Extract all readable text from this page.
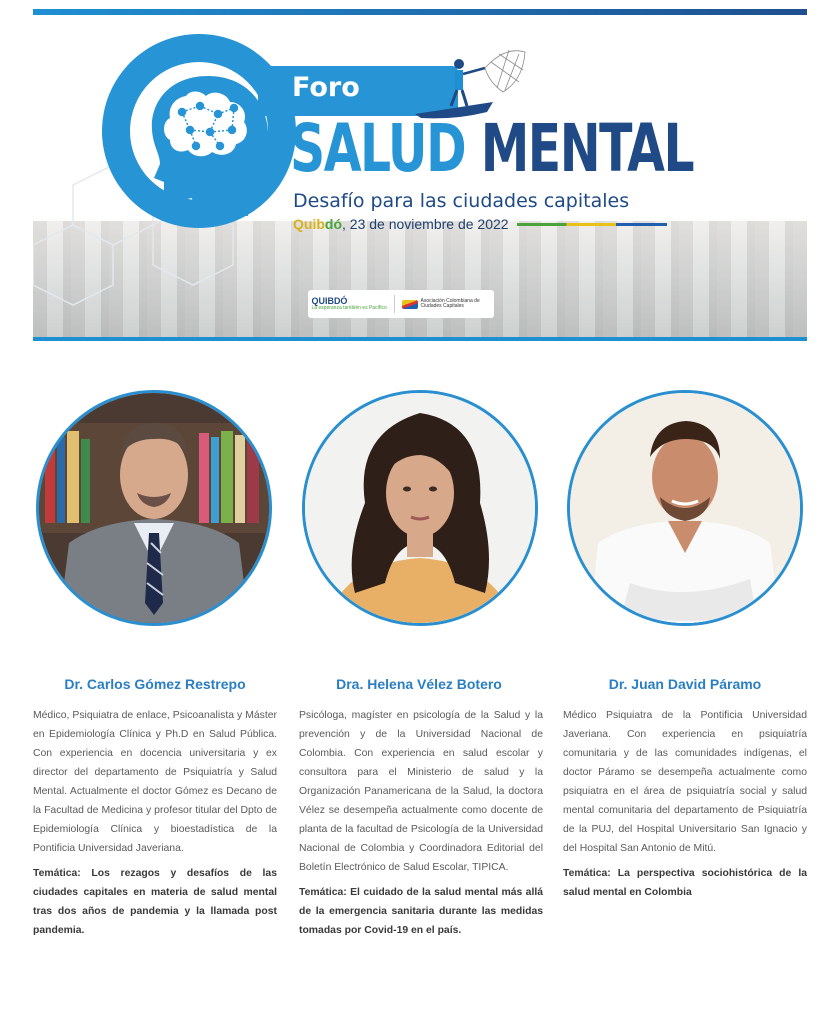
Foro
SALUD MENTAL
Desafío para las ciudades capitales
Quibdó , 23 de noviembre de 2022
QUIBDÓ
La esperanza también es Pacífico
Asociación Colombiana de Ciudades Capitales
Dr. Carlos Gómez Restrepo	Dra. Helena Vélez Botero	Dr. Juan David Páramo
Médico, Psiquiatra de enlace, Psicoanalista y Máster en Epidemiología Clínica y Ph.D en Salud Pública. Con experiencia en docencia universitaria y ex director del departamento de Psiquiatría y Salud Mental. Actualmente el doctor Gómez es Decano de la Facultad de Medicina y profesor titular del Dpto de Epidemiología Clínica y bioestadística de la Pontificia Universidad Javeriana.
Temática: Los rezagos y desafíos de las ciudades capitales en materia de salud mental tras dos años de pandemia y la llamada post pandemia.
Psicóloga, magíster en psicología de la Salud y la prevención y de la Universidad Nacional de Colombia. Con experiencia en salud escolar y consultora para el Ministerio de salud y la Organización Panamericana de la Salud, la doctora Vélez se desempeña actualmente como docente de planta de la facultad de Psicología de la Universidad Nacional de Colombia y Coordinadora Editorial del Boletín Electrónico de Salud Escolar, TIPICA.
Temática: El cuidado de la salud mental más allá de la emergencia sanitaria durante las medidas tomadas por Covid-19 en el país.
Médico Psiquiatra de la Pontificia Universidad Javeriana. Con experiencia en psiquiatría comunitaria y de las comunidades indígenas, el doctor Páramo se desempeña actualmente como psiquiatra en el área de psiquiatría social y salud mental comunitaria del departamento de Psiquiatría de la PUJ, del Hospital Universitario San Ignacio y del Hospital San Antonio de Mitú.
Temática: La perspectiva sociohistórica de la salud mental en Colombia
